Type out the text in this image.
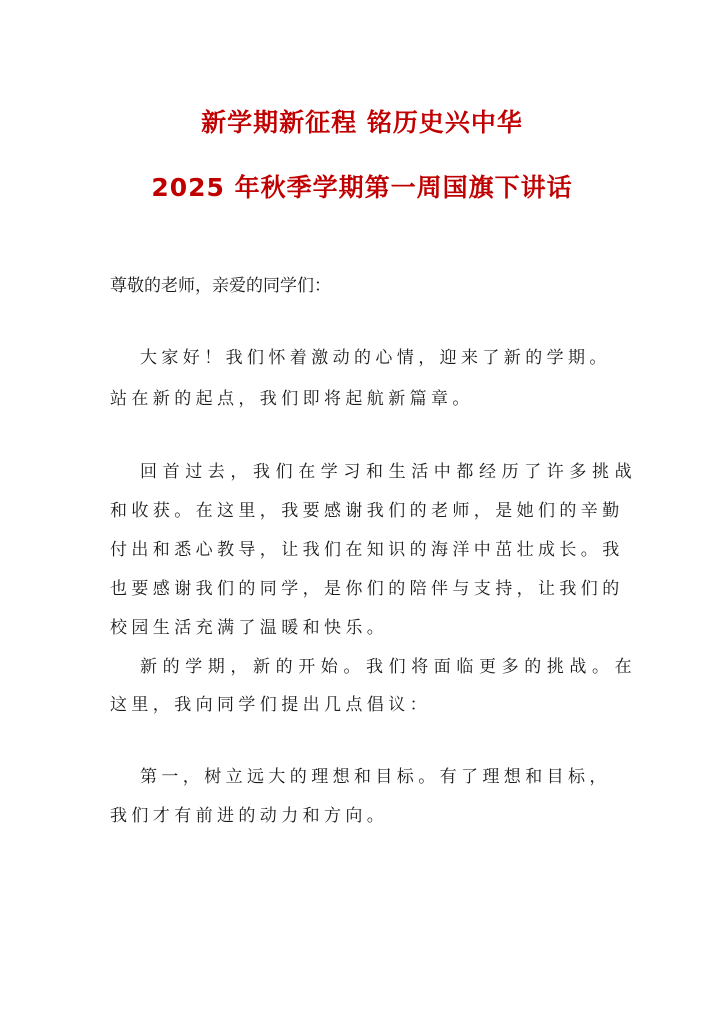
新学期新征程 铭历史兴中华
2025 年秋季学期第一周国旗下讲话

尊敬的老师，亲爱的同学们：

大家好！我们怀着激动的心情，迎来了新的学期。

站在新的起点，我们即将起航新篇章。

回首过去，我们在学习和生活中都经历了许多挑战

和收获。在这里，我要感谢我们的老师，是她们的辛勤

付出和悉心教导，让我们在知识的海洋中茁壮成长。我

也要感谢我们的同学，是你们的陪伴与支持，让我们的

校园生活充满了温暖和快乐。

新的学期，新的开始。我们将面临更多的挑战。在

这里，我向同学们提出几点倡议：

第一，树立远大的理想和目标。有了理想和目标，

我们才有前进的动力和方向。
